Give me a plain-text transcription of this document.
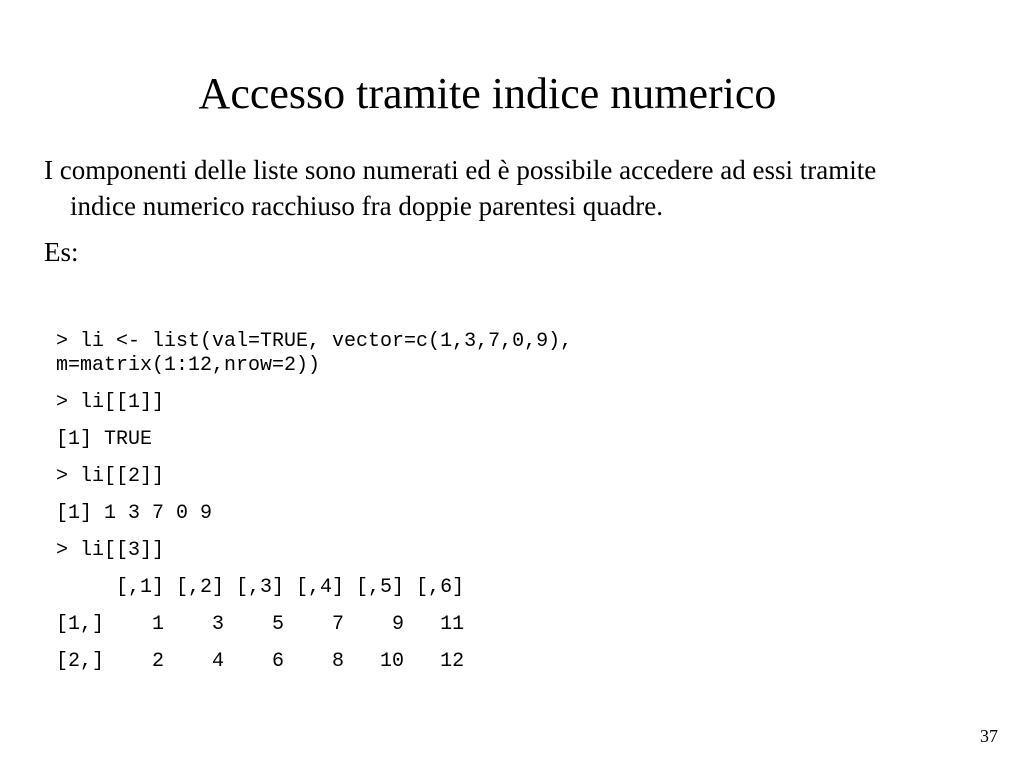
Accesso tramite indice numerico

I componenti delle liste sono numerati ed è possibile accedere ad essi tramite indice numerico racchiuso fra doppie parentesi quadre.

Es:

> li <- list(val=TRUE, vector=c(1,3,7,0,9),
m=matrix(1:12,nrow=2))
> li[[1]]
[1] TRUE
> li[[2]]
[1] 1 3 7 0 9
> li[[3]]
[,1] [,2] [,3] [,4] [,5] [,6]
[1,]    1    3    5    7    9   11
[2,]    2    4    6    8   10   12
37
